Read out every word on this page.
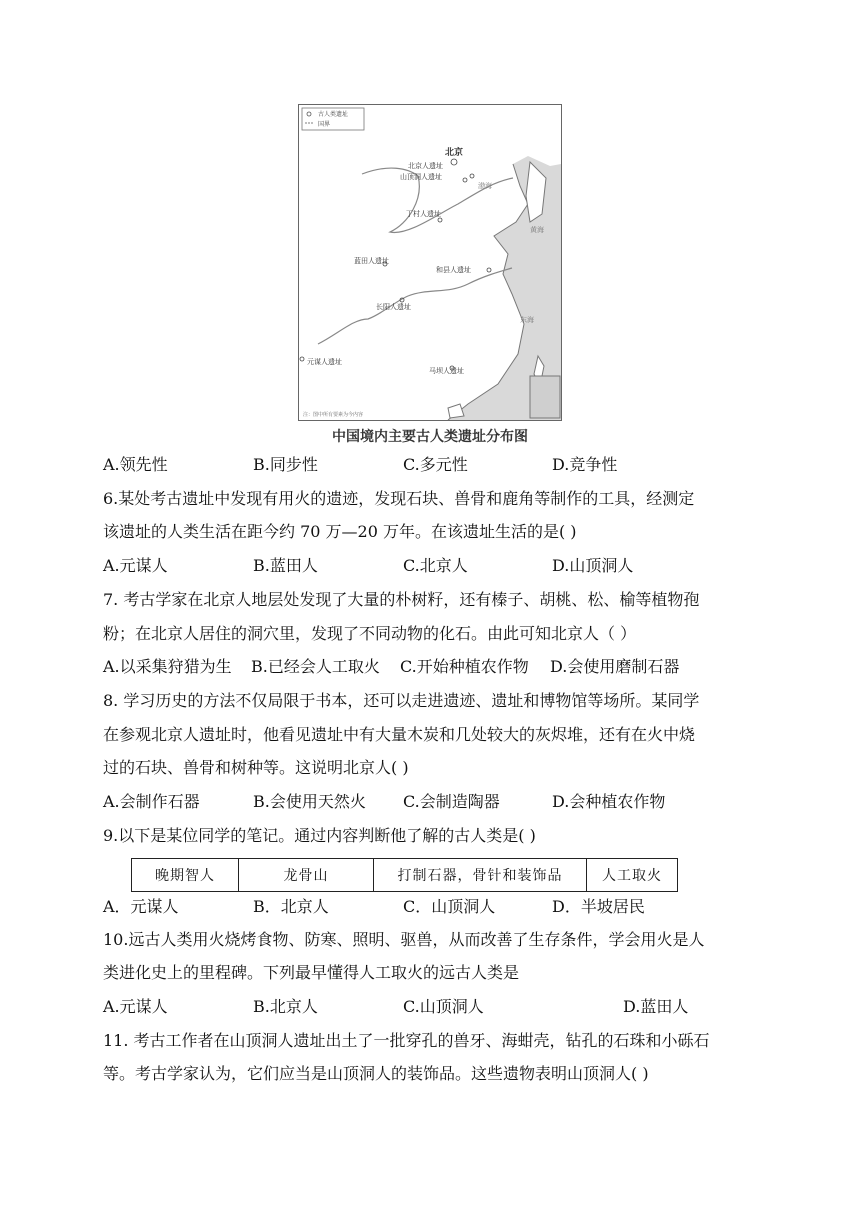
古人类遗址
国界
北京
北京人遗址
山顶洞人遗址
丁村人遗址
蓝田人遗址
和县人遗址
长阳人遗址
元谋人遗址
马坝人遗址
渤海
黄海
东海
注：图中所有要素为今内容
中国境内主要古人类遗址分布图
A.领先性	B.同步性	C.多元性	D.竞争性
6.某处考古遗址中发现有用火的遗迹，发现石块、兽骨和鹿角等制作的工具，经测定
该遗址的人类生活在距今约 70 万—20 万年。在该遗址生活的是( )
A.元谋人	B.蓝田人	C.北京人	D.山顶洞人
7. 考古学家在北京人地层处发现了大量的朴树籽，还有榛子、胡桃、松、榆等植物孢
粉；在北京人居住的洞穴里，发现了不同动物的化石。由此可知北京人（ ）
A.以采集狩猎为生 B.已经会人工取火 C.开始种植农作物 D.会使用磨制石器
8. 学习历史的方法不仅局限于书本，还可以走进遗迹、遗址和博物馆等场所。某同学
在参观北京人遗址时，他看见遗址中有大量木炭和几处较大的灰烬堆，还有在火中烧
过的石块、兽骨和树种等。这说明北京人( )
A.会制作石器	B.会使用天然火 C.会制造陶器	D.会种植农作物
9.以下是某位同学的笔记。通过内容判断他了解的古人类是( )
晚期智人	龙骨山	打制石器，骨针和装饰品	人工取火
A．元谋人	B．北京人	C．山顶洞人	D．半坡居民
10.远古人类用火烧烤食物、防寒、照明、驱兽，从而改善了生存条件，学会用火是人
类进化史上的里程碑。下列最早懂得人工取火的远古人类是
A.元谋人	B.北京人	C.山顶洞人	D.蓝田人
11. 考古工作者在山顶洞人遗址出土了一批穿孔的兽牙、海蚶壳，钻孔的石珠和小砾石
等。考古学家认为，它们应当是山顶洞人的装饰品。这些遗物表明山顶洞人( )
